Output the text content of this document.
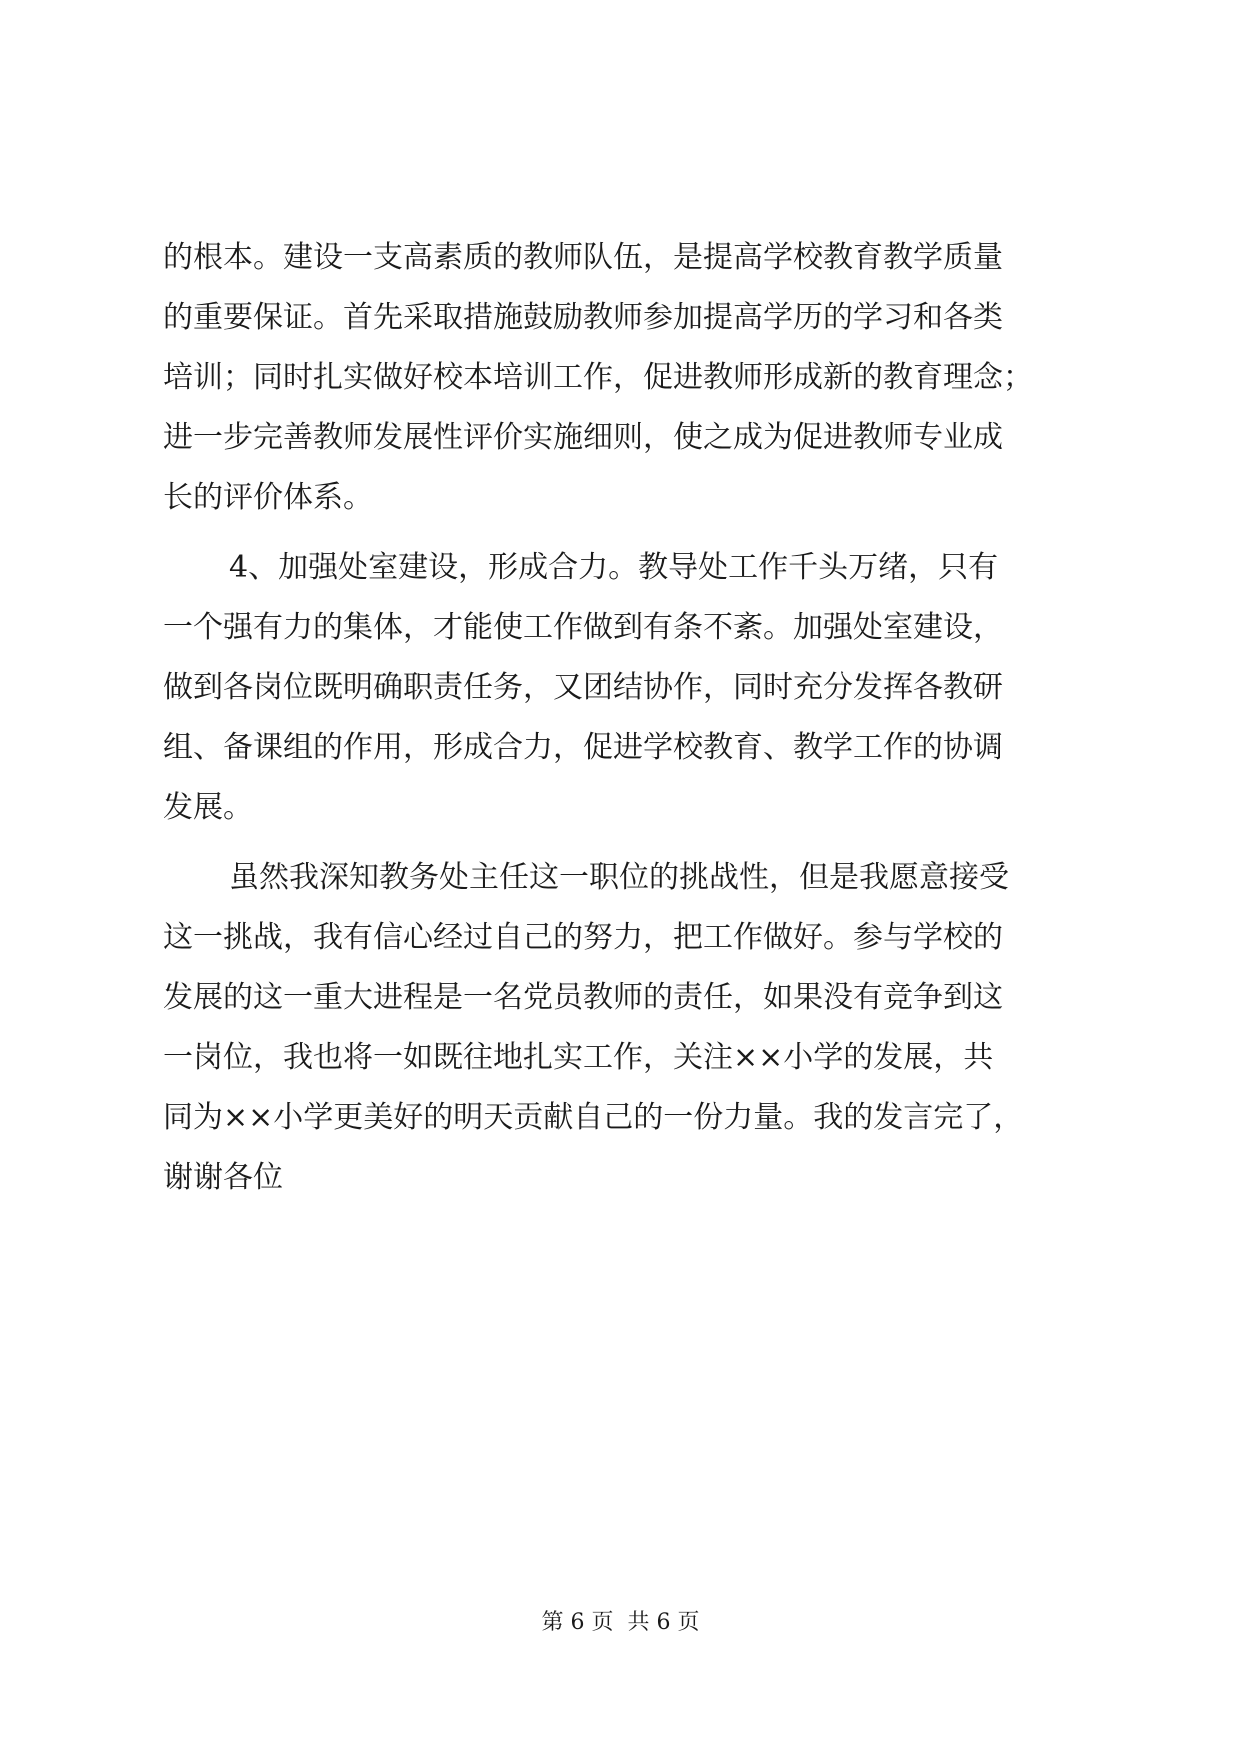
的根本。建设一支高素质的教师队伍，是提高学校教育教学质量
的重要保证。首先采取措施鼓励教师参加提高学历的学习和各类
培训；同时扎实做好校本培训工作，促进教师形成新的教育理念；
进一步完善教师发展性评价实施细则，使之成为促进教师专业成
长的评价体系。
4、加强处室建设，形成合力。教导处工作千头万绪，只有
一个强有力的集体，才能使工作做到有条不紊。加强处室建设，
做到各岗位既明确职责任务，又团结协作，同时充分发挥各教研
组、备课组的作用，形成合力，促进学校教育、教学工作的协调
发展。
虽然我深知教务处主任这一职位的挑战性，但是我愿意接受
这一挑战，我有信心经过自己的努力，把工作做好。参与学校的
发展的这一重大进程是一名党员教师的责任，如果没有竞争到这
一岗位，我也将一如既往地扎实工作，关注××小学的发展，共
同为××小学更美好的明天贡献自己的一份力量。我的发言完了，
谢谢各位
第 6 页 共 6 页
